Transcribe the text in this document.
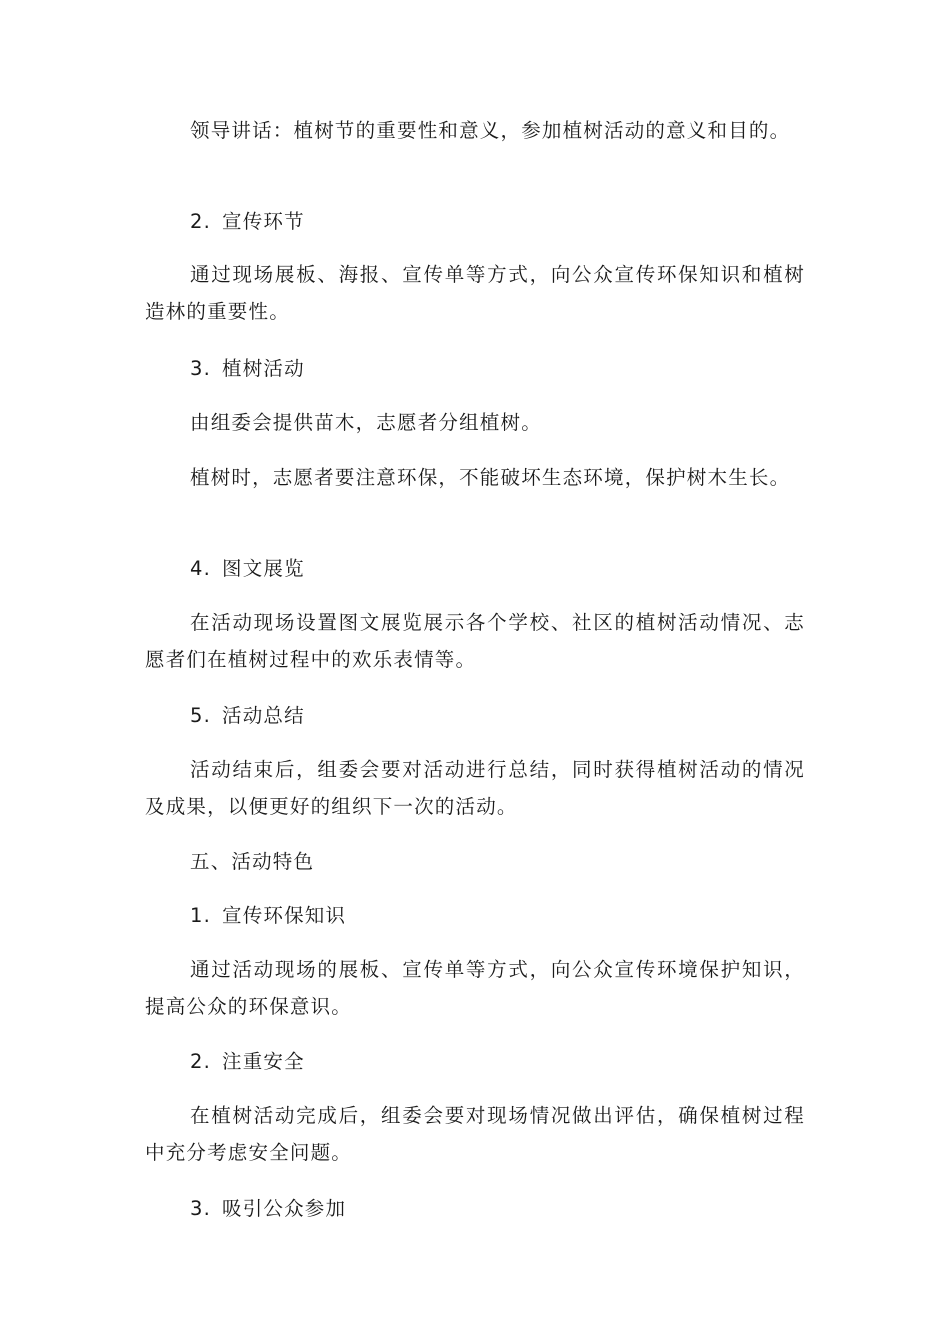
领导讲话：植树节的重要性和意义，参加植树活动的意义和目的。
2. 宣传环节
通过现场展板、海报、宣传单等方式，向公众宣传环保知识和植树造林的重要性。
3. 植树活动
由组委会提供苗木，志愿者分组植树。
植树时，志愿者要注意环保，不能破坏生态环境，保护树木生长。
4. 图文展览
在活动现场设置图文展览展示各个学校、社区的植树活动情况、志愿者们在植树过程中的欢乐表情等。
5. 活动总结
活动结束后，组委会要对活动进行总结，同时获得植树活动的情况及成果，以便更好的组织下一次的活动。
五、活动特色
1. 宣传环保知识
通过活动现场的展板、宣传单等方式，向公众宣传环境保护知识，提高公众的环保意识。
2. 注重安全
在植树活动完成后，组委会要对现场情况做出评估，确保植树过程中充分考虑安全问题。
3. 吸引公众参加
